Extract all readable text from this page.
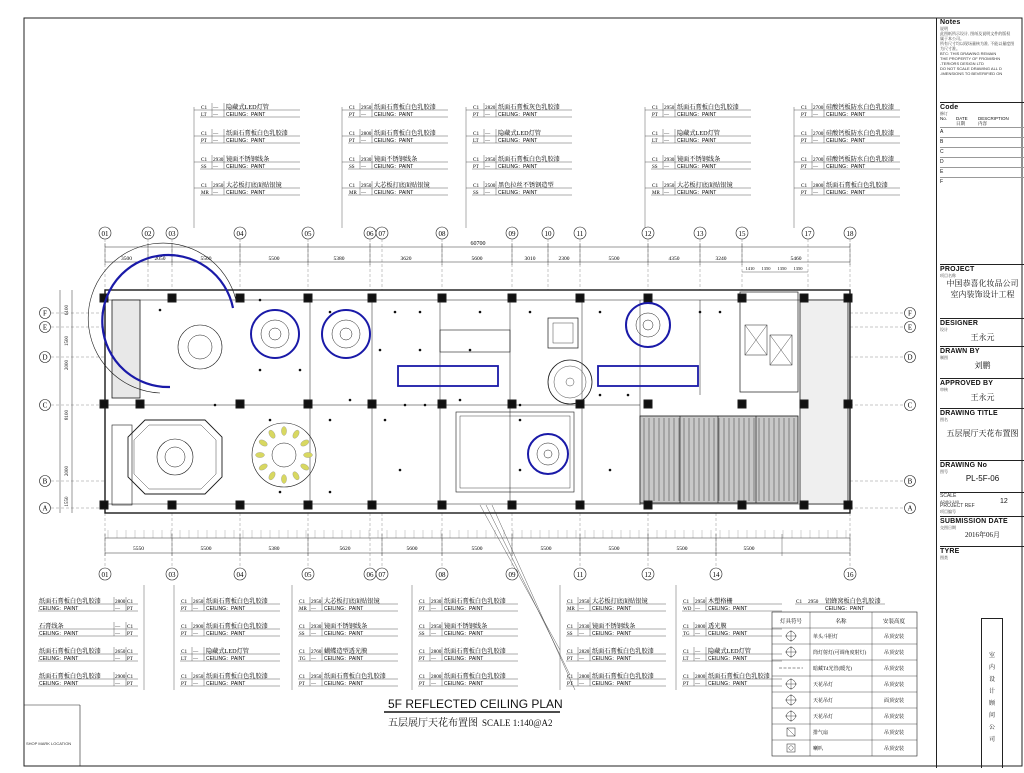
SHOP MARK LOCATION
C1 — 隐藏式LED灯管
LT — CEILING：PAINT
C1 — 纸面石膏板白色乳胶漆
PT — CEILING：PAINT
C1 2930 镜面不锈钢线条
SS — CEILING：PAINT
C1 2950 大芯板打底面贴银镜
MR — CEILING：PAINT
C1 2950 纸面石膏板白色乳胶漆
PT — CEILING：PAINT
C1 2800 纸面石膏板白色乳胶漆
PT — CEILING：PAINT
C1 2930 镜面不锈钢线条
SS — CEILING：PAINT
C1 2950 大芯板打底面贴银镜
MR — CEILING：PAINT
C1 2820 纸面石膏板灰色乳胶漆
PT — CEILING：PAINT
C1 — 隐藏式LED灯管
LT — CEILING：PAINT
C1 2950 纸面石膏板白色乳胶漆
PT — CEILING：PAINT
C1 2500 黑色拉丝不锈钢造型
SS — CEILING：PAINT
C1 2950 纸面石膏板白色乳胶漆
PT — CEILING：PAINT
C1 — 隐藏式LED灯管
LT — CEILING：PAINT
C1 2930 镜面不锈钢线条
SS — CEILING：PAINT
C1 2950 大芯板打底面贴银镜
MR — CEILING：PAINT
C1 2700 硅酸钙板防水白色乳胶漆
PT — CEILING：PAINT
C1 2700 硅酸钙板防水白色乳胶漆
PT — CEILING：PAINT
C1 2700 硅酸钙板防水白色乳胶漆
PT — CEILING：PAINT
C1 2800 纸面石膏板白色乳胶漆
PT — CEILING：PAINT
纸面石膏板白色乳胶漆	2800 C1
CEILING：PAINT	— PT
石膏线条	— C1
CEILING：PAINT	— PT
纸面石膏板白色乳胶漆	2650 C1
CEILING：PAINT	— PT
纸面石膏板白色乳胶漆	2900 C1
CEILING：PAINT	— PT
C1 2650 纸面石膏板白色乳胶漆
PT — CEILING：PAINT
C1 2900 纸面石膏板白色乳胶漆
PT — CEILING：PAINT
C1 — 隐藏式LED灯管
LT — CEILING：PAINT
C1 2650 纸面石膏板白色乳胶漆
PT — CEILING：PAINT
C1 2950 大芯板打底面贴银镜
MR — CEILING：PAINT
C1 2930 镜面不锈钢线条
SS — CEILING：PAINT
C1 2760 蝴蝶造型透光膜
TG — CEILING：PAINT
C1 2950 纸面石膏板白色乳胶漆
PT — CEILING：PAINT
C1 2930 纸面石膏板白色乳胶漆
PT — CEILING：PAINT
C1 2950 镜面不锈钢线条
SS — CEILING：PAINT
C1 2800 纸面石膏板白色乳胶漆
PT — CEILING：PAINT
C1 2800 纸面石膏板白色乳胶漆
PT — CEILING：PAINT
C1 2950 大芯板打底面贴银镜
MR — CEILING：PAINT
C1 2930 镜面不锈钢线条
SS — CEILING：PAINT
C1 2820 纸面石膏板白色乳胶漆
PT — CEILING：PAINT
C1 2800 纸面石膏板白色乳胶漆
PT — CEILING：PAINT
C1 2950 木塑格栅
WD — CEILING：PAINT
C1 2800 透光膜
TG — CEILING：PAINT
C1 — 隐藏式LED灯管
LT — CEILING：PAINT
C1 2800 纸面石膏板白色乳胶漆
PT — CEILING：PAINT
C1 2950 铝蜂窝板白色乳胶漆
CEILING：PAINT
01	02 03	04	05	06 07	08	09	10	11	12	13	15	17	18
01	03	04	05	06 07	08	09	11	12	14	16
F
E
D
C
B
A
F
E
D
C
B
A
60700
3500	2050	5500	5500	5380	3620	5600	3010	2300	5500	4350	3240	5460
1410 1350 1350 1350
5550	5500	5380	5620	5600	5500	5500	5500	5500	5500
6100
1500
2000
8100
2000
1550
5F REFLECTED CEILING PLAN
五层展厅天花布置图 SCALE 1:140@A2
灯具符号	名称	安装高度
单头斗胆灯	吊顶安装
筒灯射灯(可调角度射灯)	吊顶安装
暗藏T4光管(暖光)	吊顶安装
天花吊灯	吊顶安装
天花吊灯	面顶安装
天花吊灯	吊顶安装
排气扇	吊顶安装
喇叭	吊顶安装
Notes
说明
此图纸所示设计, 图纸及说明文件的版权
属于本公司。
所有尺寸均以现场量核为准, 不能以量度图
为尺寸准。
BTC: THIS DRAWING REMAIN
THE PROPERTY OF FROMISHN
-TERIORS DESIGN LTD
DO NOT SCALE DRAWING ALL D
-IMENSIONS TO BEVERIFIED ON
Code
修订
No.	DATE
日期
DESCRIPTION
内容
A
B
C
D
E
F
PROJECT
项目名称
中国恭喜化妆品公司
室内装饰设计工程
DESIGNER
设计
王永元
DRAWN BY
制图
刘鹏
APPROVED BY
审核
王永元
DRAWING TITLE
图名
五层展厅天花布置图
DRAWING No
图号
PL-5F-06
SCALE
A2@1:140
PROJECT REF
项目编号
12
SUBMISSION DATE
交图日期
2016年06月
TYRE
图类
室
内
设
计
顾
问
公
司
